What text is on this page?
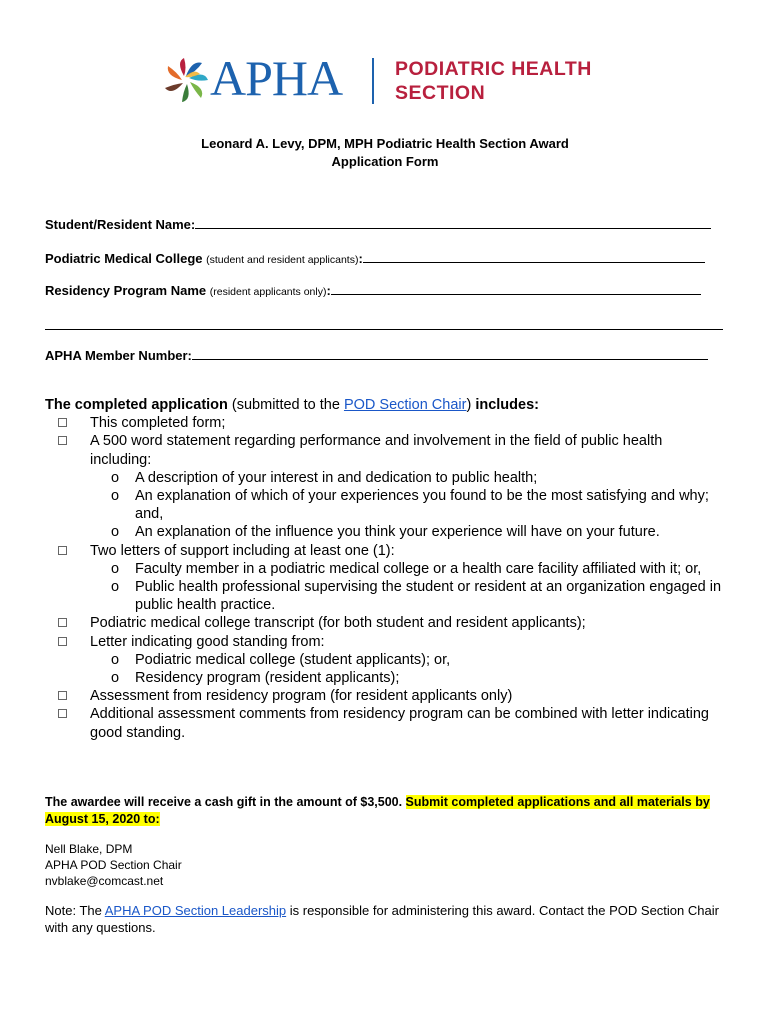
APHA	PODIATRIC HEALTH
SECTION
Leonard A. Levy, DPM, MPH Podiatric Health Section Award
Application Form
Student/Resident Name:
Podiatric Medical College (student and resident applicants):
Residency Program Name (resident applicants only):
APHA Member Number:
The completed application (submitted to the POD Section Chair) includes:
This completed form;
A 500 word statement regarding performance and involvement in the field of public health including:
o A description of your interest in and dedication to public health;
o An explanation of which of your experiences you found to be the most satisfying and why; and,
o An explanation of the influence you think your experience will have on your future.
Two letters of support including at least one (1):
o Faculty member in a podiatric medical college or a health care facility affiliated with it; or,
o Public health professional supervising the student or resident at an organization engaged in public health practice.
Podiatric medical college transcript (for both student and resident applicants);
Letter indicating good standing from:
o Podiatric medical college (student applicants); or,
o Residency program (resident applicants);
Assessment from residency program (for resident applicants only)
Additional assessment comments from residency program can be combined with letter indicating good standing.
The awardee will receive a cash gift in the amount of $3,500. Submit completed applications and all materials by August 15, 2020 to:
Nell Blake, DPM
APHA POD Section Chair
nvblake@comcast.net
Note: The APHA POD Section Leadership is responsible for administering this award. Contact the POD Section Chair with any questions.
